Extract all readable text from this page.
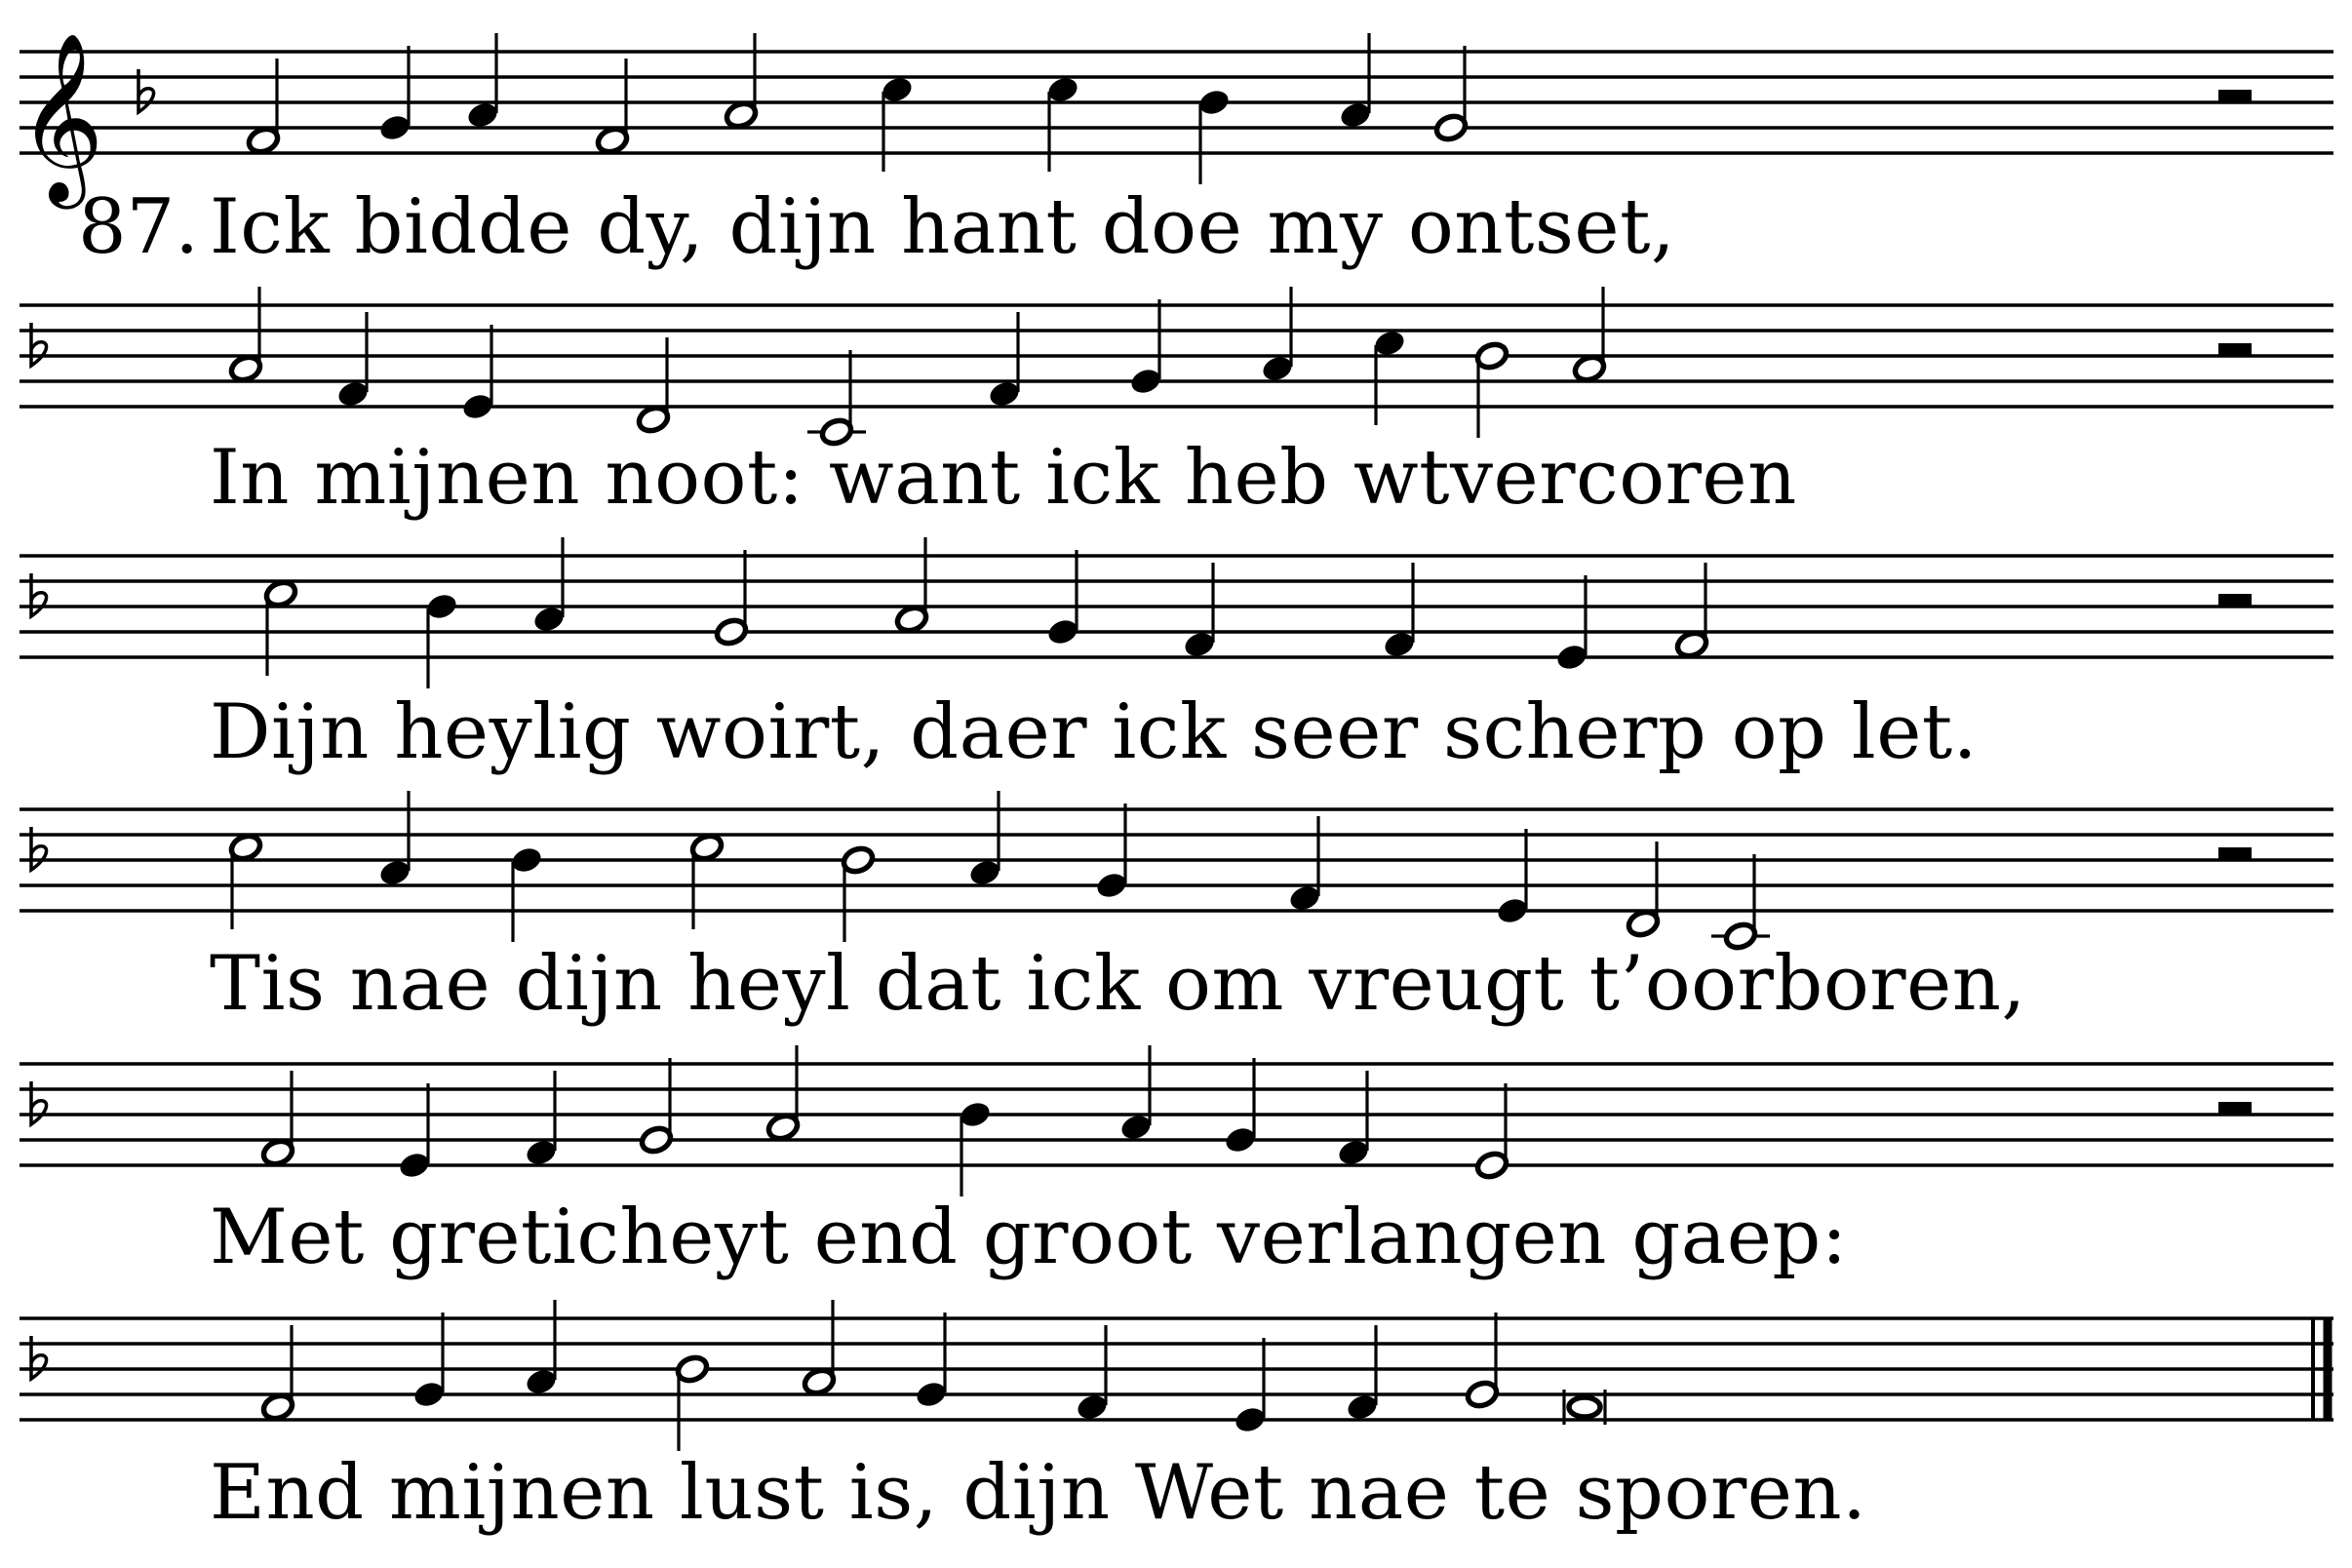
𝄞
87. Ick bidde dy, dijn hant doe my ontset,
In mijnen noot: want ick heb wtvercoren
Dijn heylig woirt, daer ick seer scherp op let.
Tis nae dijn heyl dat ick om vreugt t’oorboren,
Met greticheyt end groot verlangen gaep:
End mijnen lust is, dijn Wet nae te sporen.
